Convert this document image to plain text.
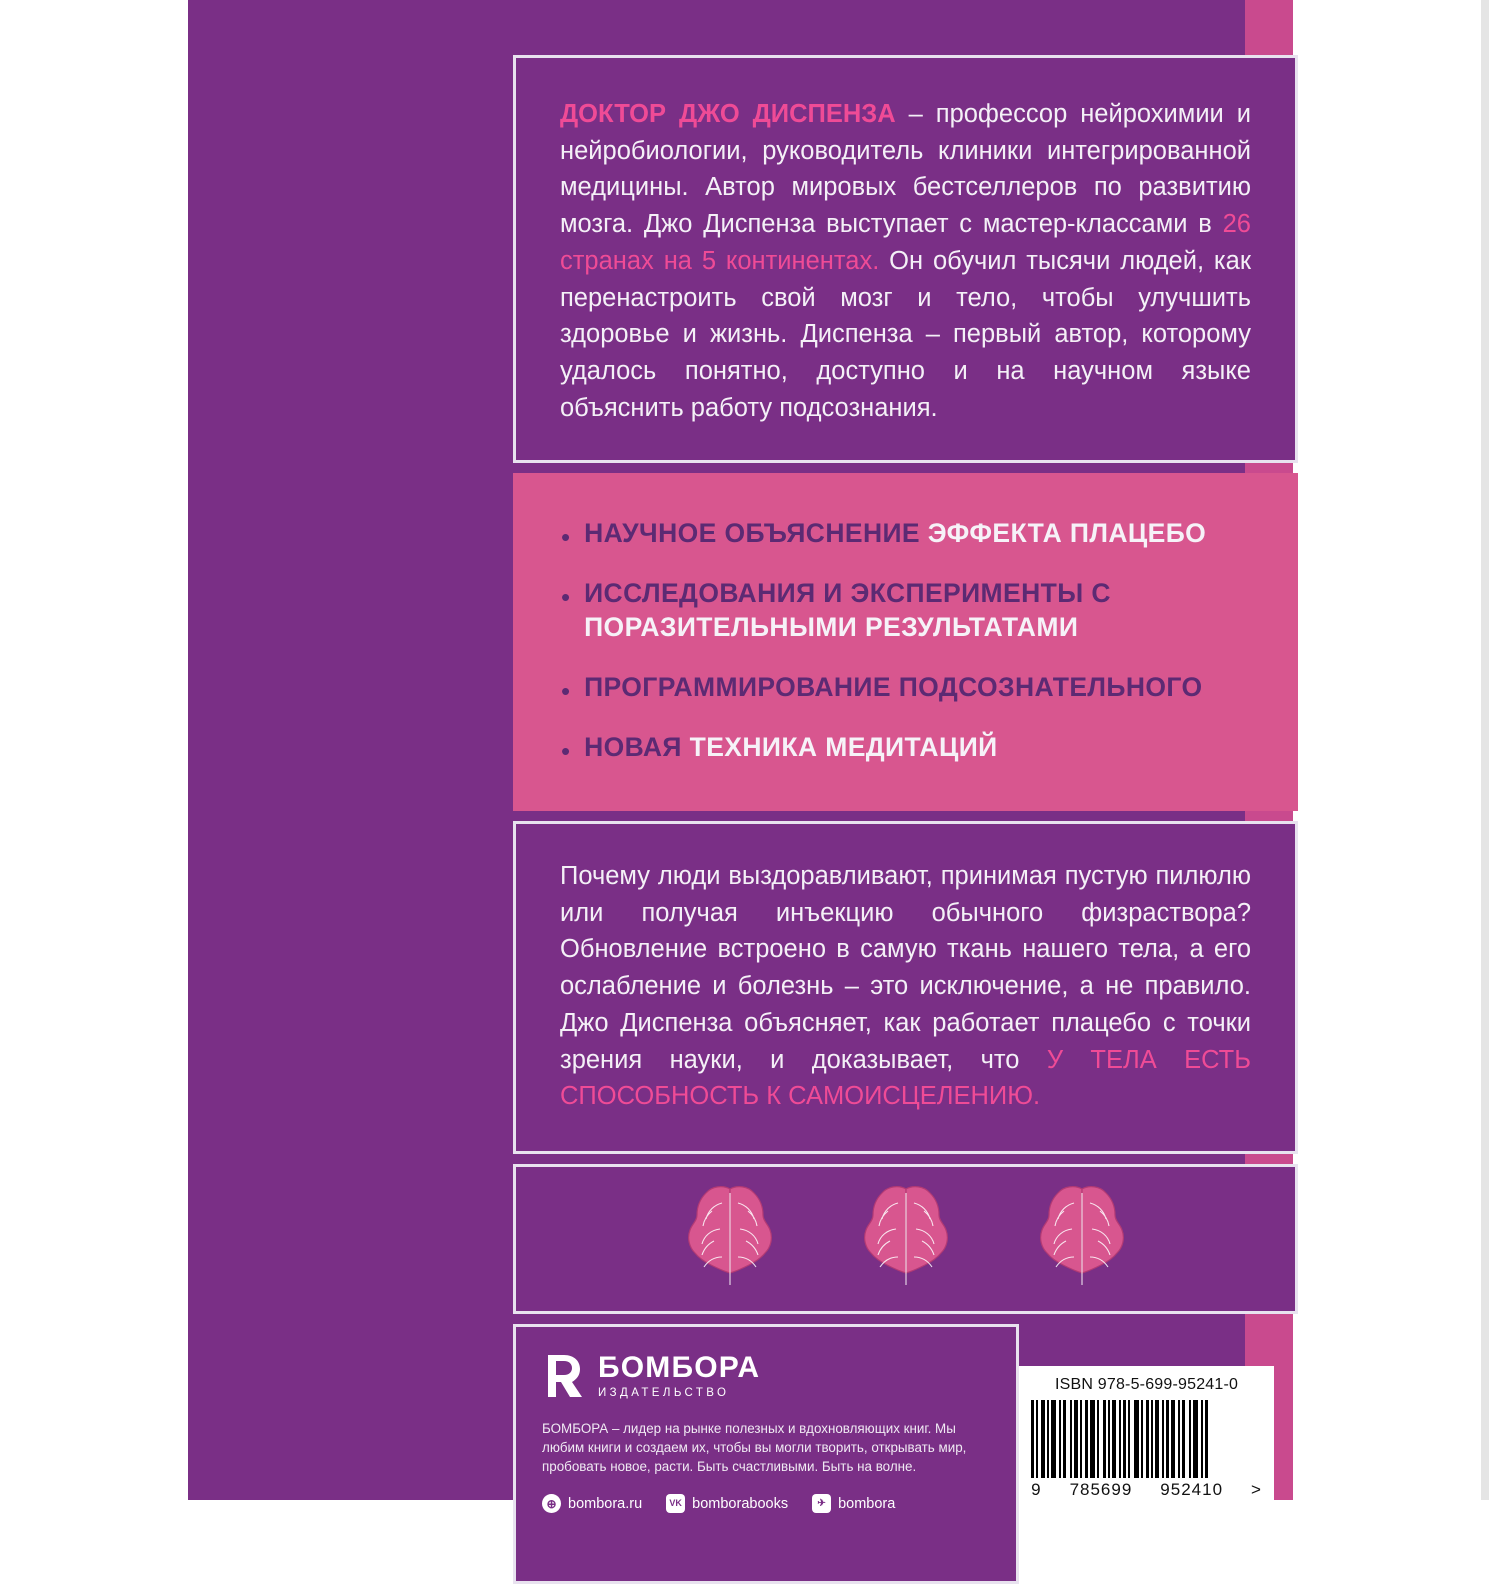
ДОКТОР ДЖО ДИСПЕНЗА – профессор нейрохимии и нейробиологии, руководитель клиники интегрированной медицины. Автор мировых бестселлеров по развитию мозга. Джо Диспенза выступает с мастер-классами в 26 странах на 5 континентах. Он обучил тысячи людей, как перенастроить свой мозг и тело, чтобы улучшить здоровье и жизнь. Диспенза – первый автор, которому удалось понятно, доступно и на научном языке объяснить работу подсознания.

• НАУЧНОЕ ОБЪЯСНЕНИЕ ЭФФЕКТА ПЛАЦЕБО
• ИССЛЕДОВАНИЯ И ЭКСПЕРИМЕНТЫ С ПОРАЗИТЕЛЬНЫМИ РЕЗУЛЬТАТАМИ
• ПРОГРАММИРОВАНИЕ ПОДСОЗНАТЕЛЬНОГО
• НОВАЯ ТЕХНИКА МЕДИТАЦИЙ

Почему люди выздоравливают, принимая пустую пилюлю или получая инъекцию обычного физраствора? Обновление встроено в самую ткань нашего тела, а его ослабление и болезнь – это исключение, а не правило. Джо Диспенза объясняет, как работает плацебо с точки зрения науки, и доказывает, что У ТЕЛА ЕСТЬ СПОСОБНОСТЬ К САМОИСЦЕЛЕНИЮ.

БОМБОРА
ИЗДАТЕЛЬСТВО
БОМБОРА – лидер на рынке полезных и вдохновляющих книг. Мы любим книги и создаем их, чтобы вы могли творить, открывать мир, пробовать новое, расти. Быть счастливыми. Быть на волне.
⊕ bombora.ru	VK bomborabooks	✈ bombora
ISBN 978-5-699-95241-0
9 785699 952410 >
